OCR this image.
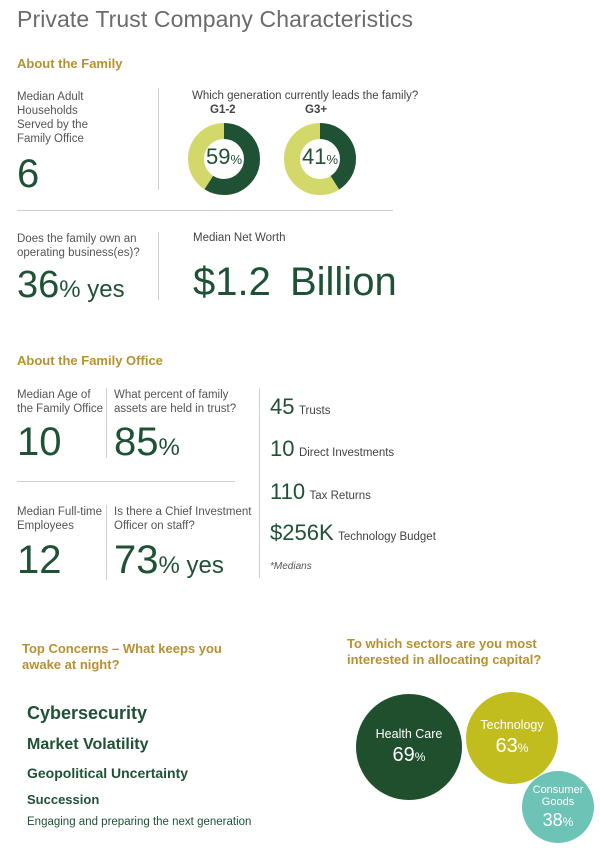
Private Trust Company Characteristics
About the Family
Median Adult Households Served by the Family Office
6
Which generation currently leads the family?
G1-2	G3+
59%	41%
Does the family own an operating business(es)?
36% yes
Median Net Worth
$1.2 Billion
About the Family Office
Median Age of the Family Office
10
What percent of family assets are held in trust?
85%
Median Full-time Employees
12
Is there a Chief Investment Officer on staff?
73% yes
45 Trusts
10 Direct Investments
110 Tax Returns
$256K Technology Budget
*Medians
Top Concerns – What keeps you awake at night?
Cybersecurity
Market Volatility
Geopolitical Uncertainty
Succession
Engaging and preparing the next generation
To which sectors are you most interested in allocating capital?
Health Care
69%
Technology
63%
Consumer Goods
38%
